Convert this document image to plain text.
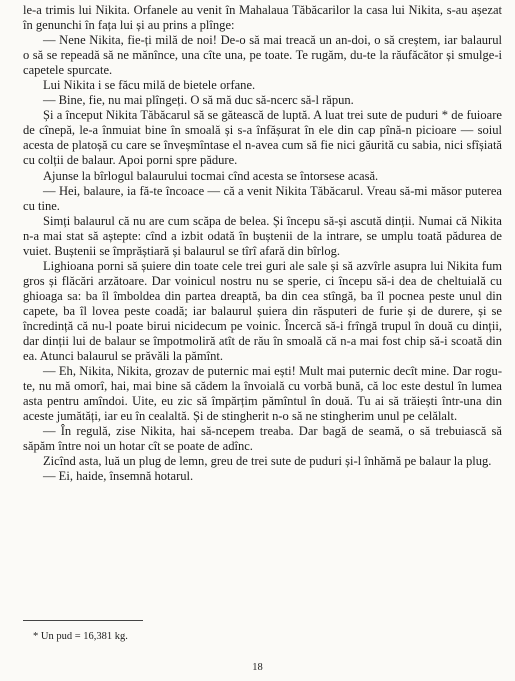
le-a trimis lui Nikita. Orfanele au venit în Mahalaua Tăbăcarilor la casa lui Nikita, s-au așezat în genunchi în fața lui și au prins a plînge:

— Nene Nikita, fie-ți milă de noi! De-o să mai treacă un an-doi, o să creștem, iar balaurul o să se repeadă să ne mănînce, una cîte una, pe toate. Te rugăm, du-te la răufăcător și smulge-i capetele spurcate.

Lui Nikita i se făcu milă de bietele orfane.

— Bine, fie, nu mai plîngeți. O să mă duc să-ncerc să-l răpun.

Și a început Nikita Tăbăcarul să se gătească de luptă. A luat trei sute de puduri * de fuioare de cînepă, le-a înmuiat bine în smoală și s-a înfășurat în ele din cap pînă-n picioare — soiul acesta de platoșă cu care se înveșmîntase el n-avea cum să fie nici găurită cu sabia, nici sfîșiată cu colții de balaur. Apoi porni spre pădure.

Ajunse la bîrlogul balaurului tocmai cînd acesta se întorsese acasă.

— Hei, balaure, ia fă-te încoace — că a venit Nikita Tăbăcarul. Vreau să-mi măsor puterea cu tine.

Simți balaurul că nu are cum scăpa de belea. Și începu să-și ascută dinții. Numai că Nikita n-a mai stat să aștepte: cînd a izbit odată în buștenii de la intrare, se umplu toată pădurea de vuiet. Buștenii se împrăștiară și balaurul se tîrî afară din bîrlog.

Lighioana porni să șuiere din toate cele trei guri ale sale și să azvîrle asupra lui Nikita fum gros și flăcări arzătoare. Dar voinicul nostru nu se sperie, ci începu să-i dea de cheltuială cu ghioaga sa: ba îl îmboldea din partea dreaptă, ba din cea stîngă, ba îl pocnea peste unul din capete, ba îl lovea peste coadă; iar balaurul șuiera din răsputeri de furie și de durere, și se încredință că nu-l poate birui nicidecum pe voinic. Încercă să-i frîngă trupul în două cu dinții, dar dinții lui de balaur se împotmoliră atît de rău în smoală că n-a mai fost chip să-i scoată din ea. Atunci balaurul se prăvăli la pămînt.

— Eh, Nikita, Nikita, grozav de puternic mai ești! Mult mai puternic decît mine. Dar rogu-te, nu mă omorî, hai, mai bine să cădem la învoială cu vorbă bună, că loc este destul în lumea asta pentru amîndoi. Uite, eu zic să împărțim pămîntul în două. Tu ai să trăiești într-una din aceste jumătăți, iar eu în cealaltă. Și de stingherit n-o să ne stingherim unul pe celălalt.

— În regulă, zise Nikita, hai să-ncepem treaba. Dar bagă de seamă, o să trebuiască să săpăm între noi un hotar cît se poate de adînc.

Zicînd asta, luă un plug de lemn, greu de trei sute de puduri și-l înhămă pe balaur la plug.

— Ei, haide, însemnă hotarul.

* Un pud = 16,381 kg.
18
